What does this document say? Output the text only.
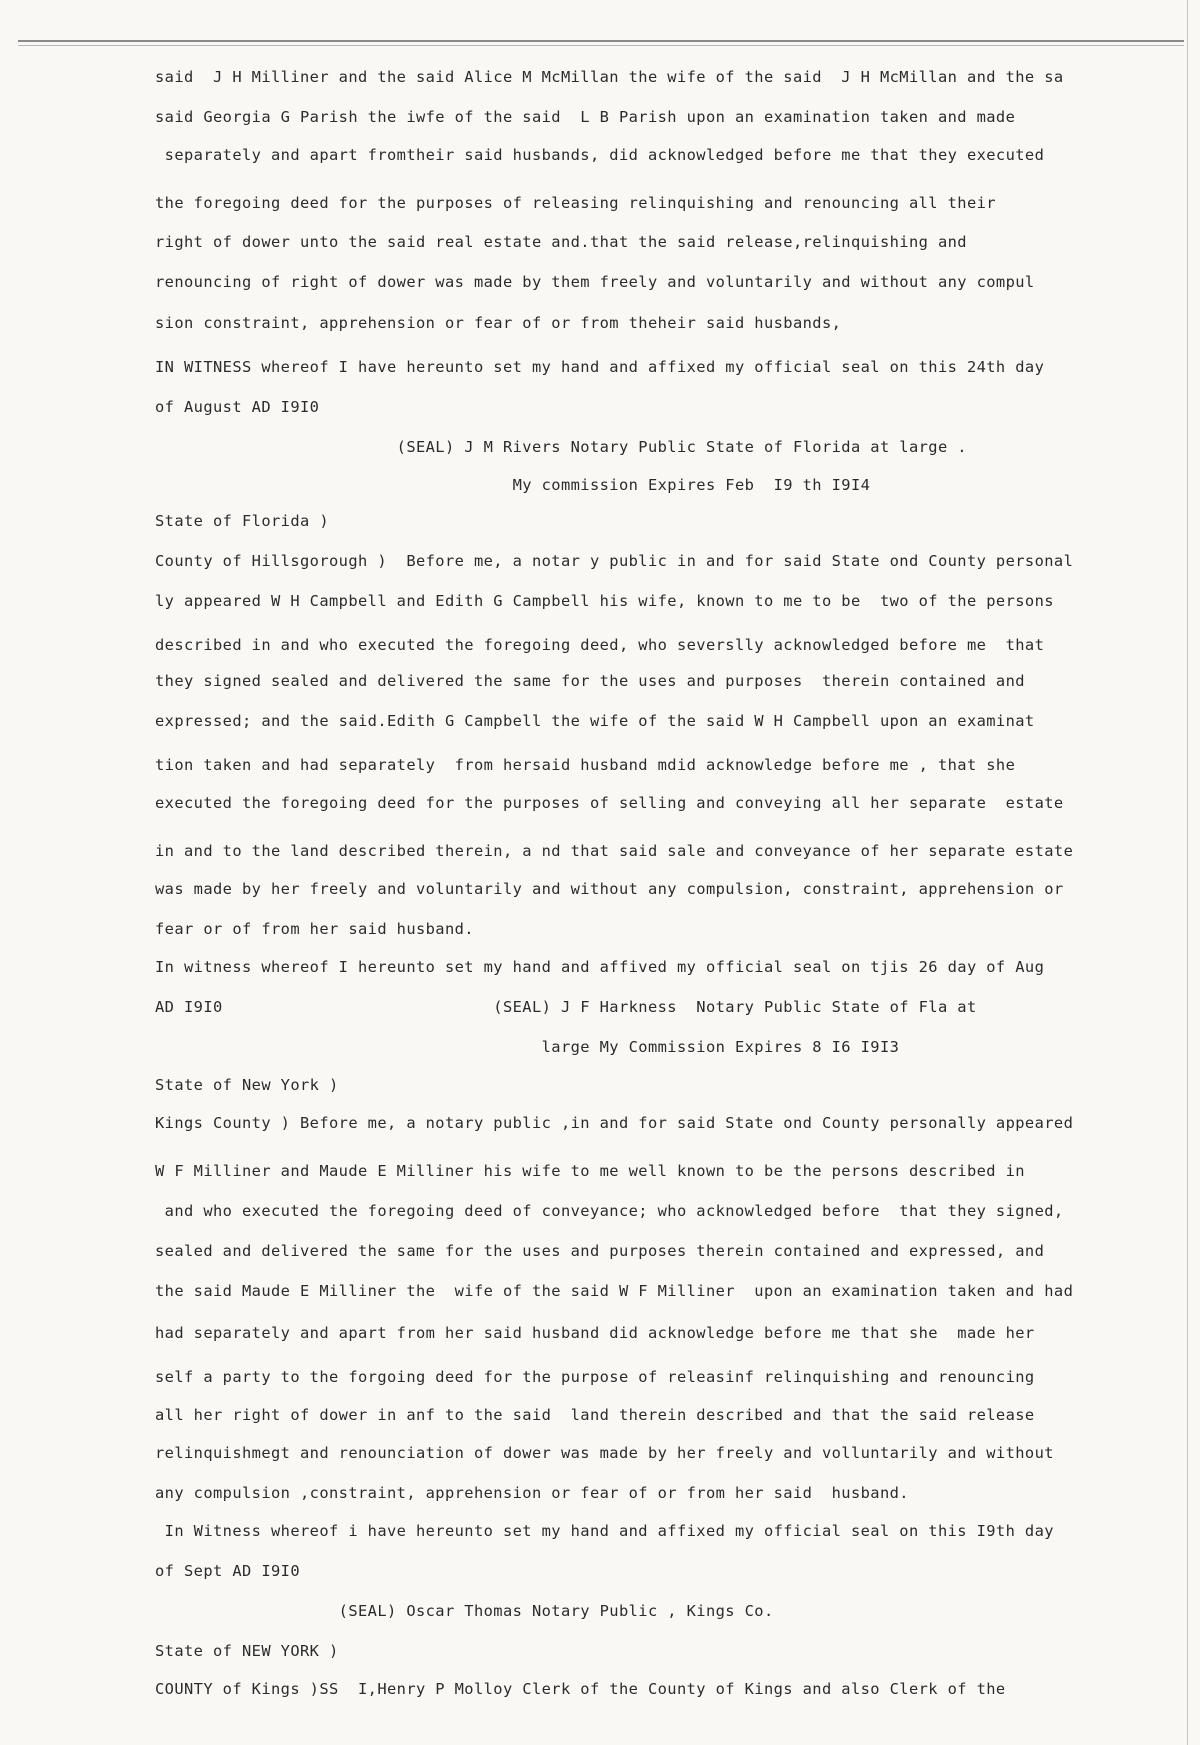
said  J H Milliner and the said Alice M McMillan the wife of the said  J H McMillan and the sa
said Georgia G Parish the iwfe of the said  L B Parish upon an examination taken and made
separately and apart fromtheir said husbands, did acknowledged before me that they executed
the foregoing deed for the purposes of releasing relinquishing and renouncing all their
right of dower unto the said real estate and.that the said release,relinquishing and
renouncing of right of dower was made by them freely and voluntarily and without any compul
sion constraint, apprehension or fear of or from theheir said husbands,
IN WITNESS whereof I have hereunto set my hand and affixed my official seal on this 24th day
of August AD I9I0
(SEAL) J M Rivers Notary Public State of Florida at large .
My commission Expires Feb  I9 th I9I4
State of Florida )
County of Hillsgorough )  Before me, a notar y public in and for said State ond County personal
ly appeared W H Campbell and Edith G Campbell his wife, known to me to be  two of the persons
described in and who executed the foregoing deed, who severslly acknowledged before me  that
they signed sealed and delivered the same for the uses and purposes  therein contained and
expressed; and the said.Edith G Campbell the wife of the said W H Campbell upon an examinat
tion taken and had separately  from hersaid husband mdid acknowledge before me , that she
executed the foregoing deed for the purposes of selling and conveying all her separate  estate
in and to the land described therein, a nd that said sale and conveyance of her separate estate
was made by her freely and voluntarily and without any compulsion, constraint, apprehension or
fear or of from her said husband.
In witness whereof I hereunto set my hand and affived my official seal on tjis 26 day of Aug
AD I9I0                            (SEAL) J F Harkness  Notary Public State of Fla at
large My Commission Expires 8 I6 I9I3
State of New York )
Kings County ) Before me, a notary public ,in and for said State ond County personally appeared
W F Milliner and Maude E Milliner his wife to me well known to be the persons described in
and who executed the foregoing deed of conveyance; who acknowledged before  that they signed,
sealed and delivered the same for the uses and purposes therein contained and expressed, and
the said Maude E Milliner the  wife of the said W F Milliner  upon an examination taken and had
had separately and apart from her said husband did acknowledge before me that she  made her
self a party to the forgoing deed for the purpose of releasinf relinquishing and renouncing
all her right of dower in anf to the said  land therein described and that the said release
relinquishmegt and renounciation of dower was made by her freely and volluntarily and without
any compulsion ,constraint, apprehension or fear of or from her said  husband.
In Witness whereof i have hereunto set my hand and affixed my official seal on this I9th day
of Sept AD I9I0
(SEAL) Oscar Thomas Notary Public , Kings Co.
State of NEW YORK )
COUNTY of Kings )SS  I,Henry P Molloy Clerk of the County of Kings and also Clerk of the
